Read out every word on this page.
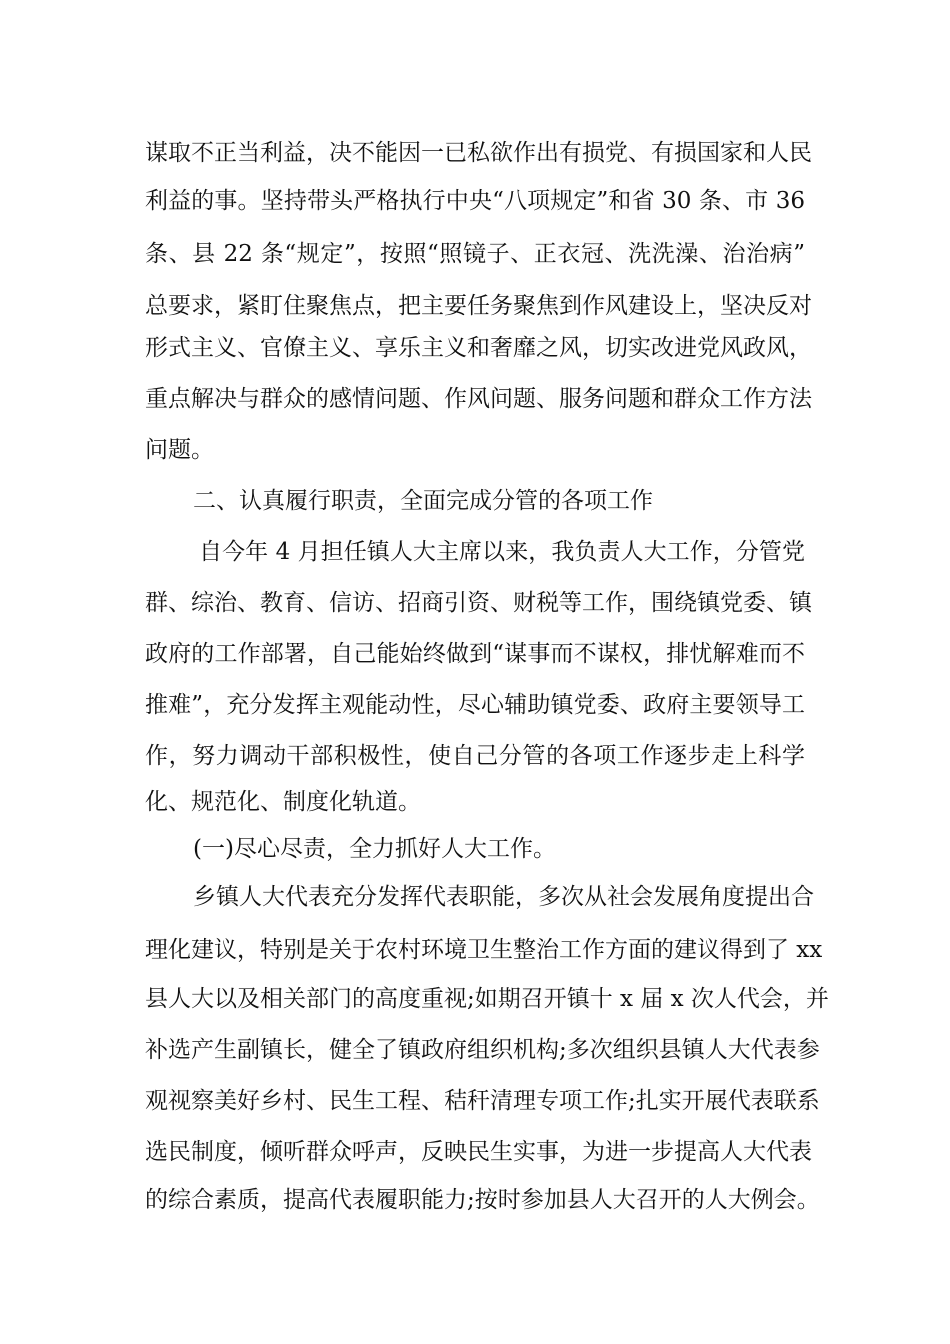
谋取不正当利益，决不能因一已私欲作出有损党、有损国家和人民
利益的事。坚持带头严格执行中央“八项规定”和省 30 条、市 36
条、县 22 条“规定”，按照“照镜子、正衣冠、洗洗澡、治治病”
总要求，紧盯住聚焦点，把主要任务聚焦到作风建设上，坚决反对
形式主义、官僚主义、享乐主义和奢靡之风，切实改进党风政风，
重点解决与群众的感情问题、作风问题、服务问题和群众工作方法
问题。
二、认真履行职责，全面完成分管的各项工作
自今年 4 月担任镇人大主席以来，我负责人大工作，分管党
群、综治、教育、信访、招商引资、财税等工作，围绕镇党委、镇
政府的工作部署，自己能始终做到“谋事而不谋权，排忧解难而不
推难”，充分发挥主观能动性，尽心辅助镇党委、政府主要领导工
作，努力调动干部积极性，使自己分管的各项工作逐步走上科学
化、规范化、制度化轨道。
(一)尽心尽责，全力抓好人大工作。
乡镇人大代表充分发挥代表职能，多次从社会发展角度提出合
理化建议，特别是关于农村环境卫生整治工作方面的建议得到了 xx
县人大以及相关部门的高度重视;如期召开镇十 x 届 x 次人代会，并
补选产生副镇长，健全了镇政府组织机构;多次组织县镇人大代表参
观视察美好乡村、民生工程、秸秆清理专项工作;扎实开展代表联系
选民制度，倾听群众呼声，反映民生实事，为进一步提高人大代表
的综合素质，提高代表履职能力;按时参加县人大召开的人大例会。
